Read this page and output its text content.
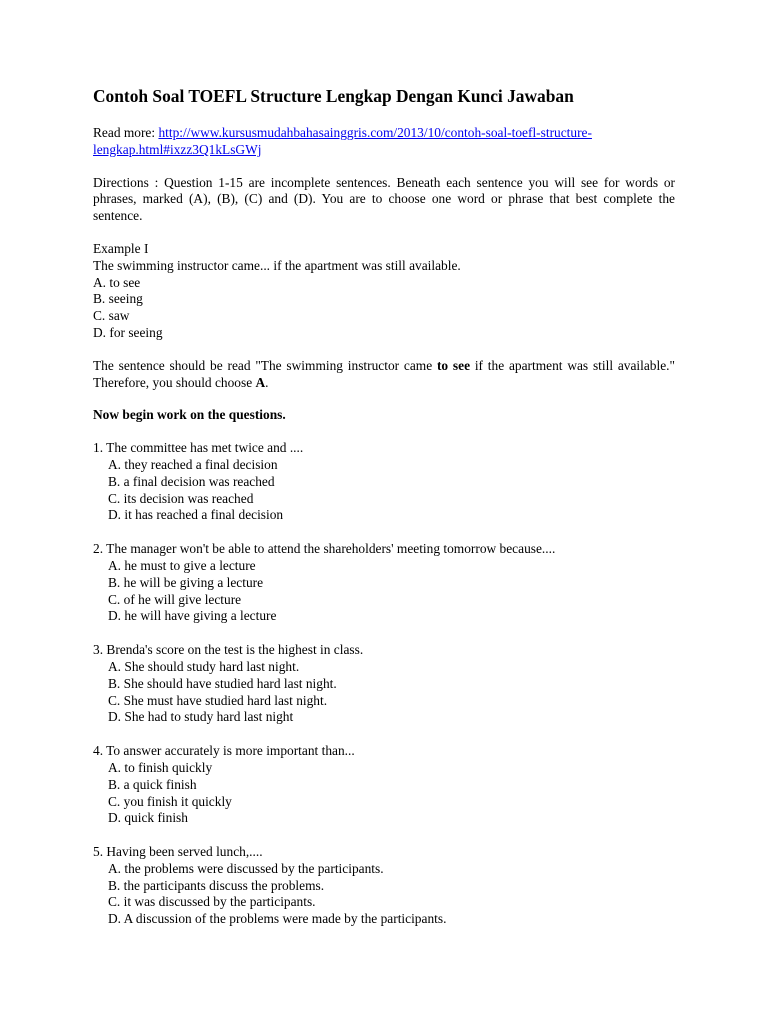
Contoh Soal TOEFL Structure Lengkap Dengan Kunci Jawaban

Read more: http://www.kursusmudahbahasainggris.com/2013/10/contoh-soal-toefl-structure-
lengkap.html#ixzz3Q1kLsGWj

Directions : Question 1-15 are incomplete sentences. Beneath each sentence you will see for words or phrases, marked (A), (B), (C) and (D). You are to choose one word or phrase that best complete the sentence.

Example I
The swimming instructor came... if the apartment was still available.
A. to see
B. seeing
C. saw
D. for seeing

The sentence should be read "The swimming instructor came to see if the apartment was still available." Therefore, you should choose A.

Now begin work on the questions.

1. The committee has met twice and ....
A. they reached a final decision
B. a final decision was reached
C. its decision was reached
D. it has reached a final decision
2. The manager won't be able to attend the shareholders' meeting tomorrow because....
A. he must to give a lecture
B. he will be giving a lecture
C. of he will give lecture
D. he will have giving a lecture
3. Brenda's score on the test is the highest in class.
A. She should study hard last night.
B. She should have studied hard last night.
C. She must have studied hard last night.
D. She had to study hard last night
4. To answer accurately is more important than...
A. to finish quickly
B. a quick finish
C. you finish it quickly
D. quick finish
5. Having been served lunch,....
A. the problems were discussed by the participants.
B. the participants discuss the problems.
C. it was discussed by the participants.
D. A discussion of the problems were made by the participants.
